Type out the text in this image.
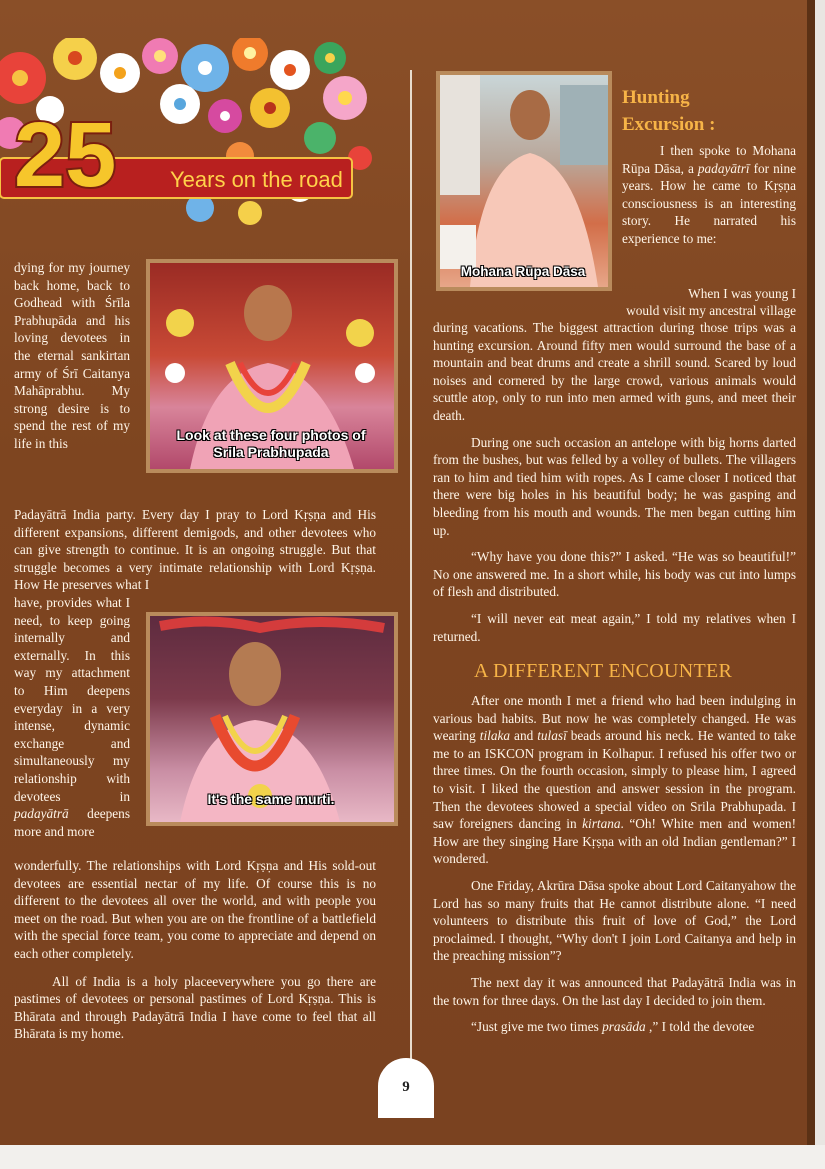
25 Years on the road
Look at these four photos of Srila Prabhupada
It's the same murti.
Mohana Rūpa Dāsa

dying for my journey back home, back to Godhead with Śrīla Prabhupāda and his loving devotees in the eternal sankirtan army of Śrī Caitanya Mahāprabhu. My strong desire is to spend the rest of my life in this

Padayātrā India party. Every day I pray to Lord Kṛṣṇa and His different expansions, different demigods, and other devotees who can give strength to continue. It is an ongoing struggle. But that struggle becomes a very intimate relationship with Lord Kṛṣṇa. How He preserves what I

have, provides what I need, to keep going internally and externally. In this way my attachment to Him deepens everyday in a very intense, dynamic exchange and simultaneously my relationship with devotees in padayātrā deepens more and more

wonderfully. The relationships with Lord Kṛṣṇa and His sold-out devotees are essential nectar of my life. Of course this is no different to the devotees all over the world, and with people you meet on the road. But when you are on the frontline of a battlefield with the special force team, you come to appreciate and depend on each other completely.

All of India is a holy placeeverywhere you go there are pastimes of devotees or personal pastimes of Lord Kṛṣṇa. This is Bhārata and through Padayātrā India I have come to feel that all Bhārata is my home.

Hunting Excursion :

I then spoke to Mohana Rūpa Dāsa, a padayātrī for nine years. How he came to Kṛṣṇa consciousness is an interesting story. He narrated his experience to me:

When I was young I

would visit my ancestral village

during vacations. The biggest attraction during those trips was a hunting excursion. Around fifty men would surround the base of a mountain and beat drums and create a shrill sound. Scared by loud noises and cornered by the large crowd, various animals would scuttle atop, only to run into men armed with guns, and meet their death.

During one such occasion an antelope with big horns darted from the bushes, but was felled by a volley of bullets. The villagers ran to him and tied him with ropes. As I came closer I noticed that there were big holes in his beautiful body; he was gasping and bleeding from his mouth and wounds. The men began cutting him up.

“Why have you done this?” I asked. “He was so beautiful!” No one answered me. In a short while, his body was cut into lumps of flesh and distributed.

“I will never eat meat again,” I told my relatives when I returned.

A DIFFERENT ENCOUNTER

After one month I met a friend who had been indulging in various bad habits. But now he was completely changed. He was wearing tilaka and tulasī beads around his neck. He wanted to take me to an ISKCON program in Kolhapur. I refused his offer two or three times. On the fourth occasion, simply to please him, I agreed to visit. I liked the question and answer session in the program. Then the devotees showed a special video on Srila Prabhupada. I saw foreigners dancing in kirtana. “Oh! White men and women! How are they singing Hare Kṛṣṇa with an old Indian gentleman?” I wondered.

One Friday, Akrūra Dāsa spoke about Lord Caitanyahow the Lord has so many fruits that He cannot distribute alone. “I need volunteers to distribute this fruit of love of God,” the Lord proclaimed. I thought, “Why don't I join Lord Caitanya and help in the preaching mission”?

The next day it was announced that Padayātrā India was in the town for three days. On the last day I decided to join them.

“Just give me two times prasāda ,” I told the devotee

9
